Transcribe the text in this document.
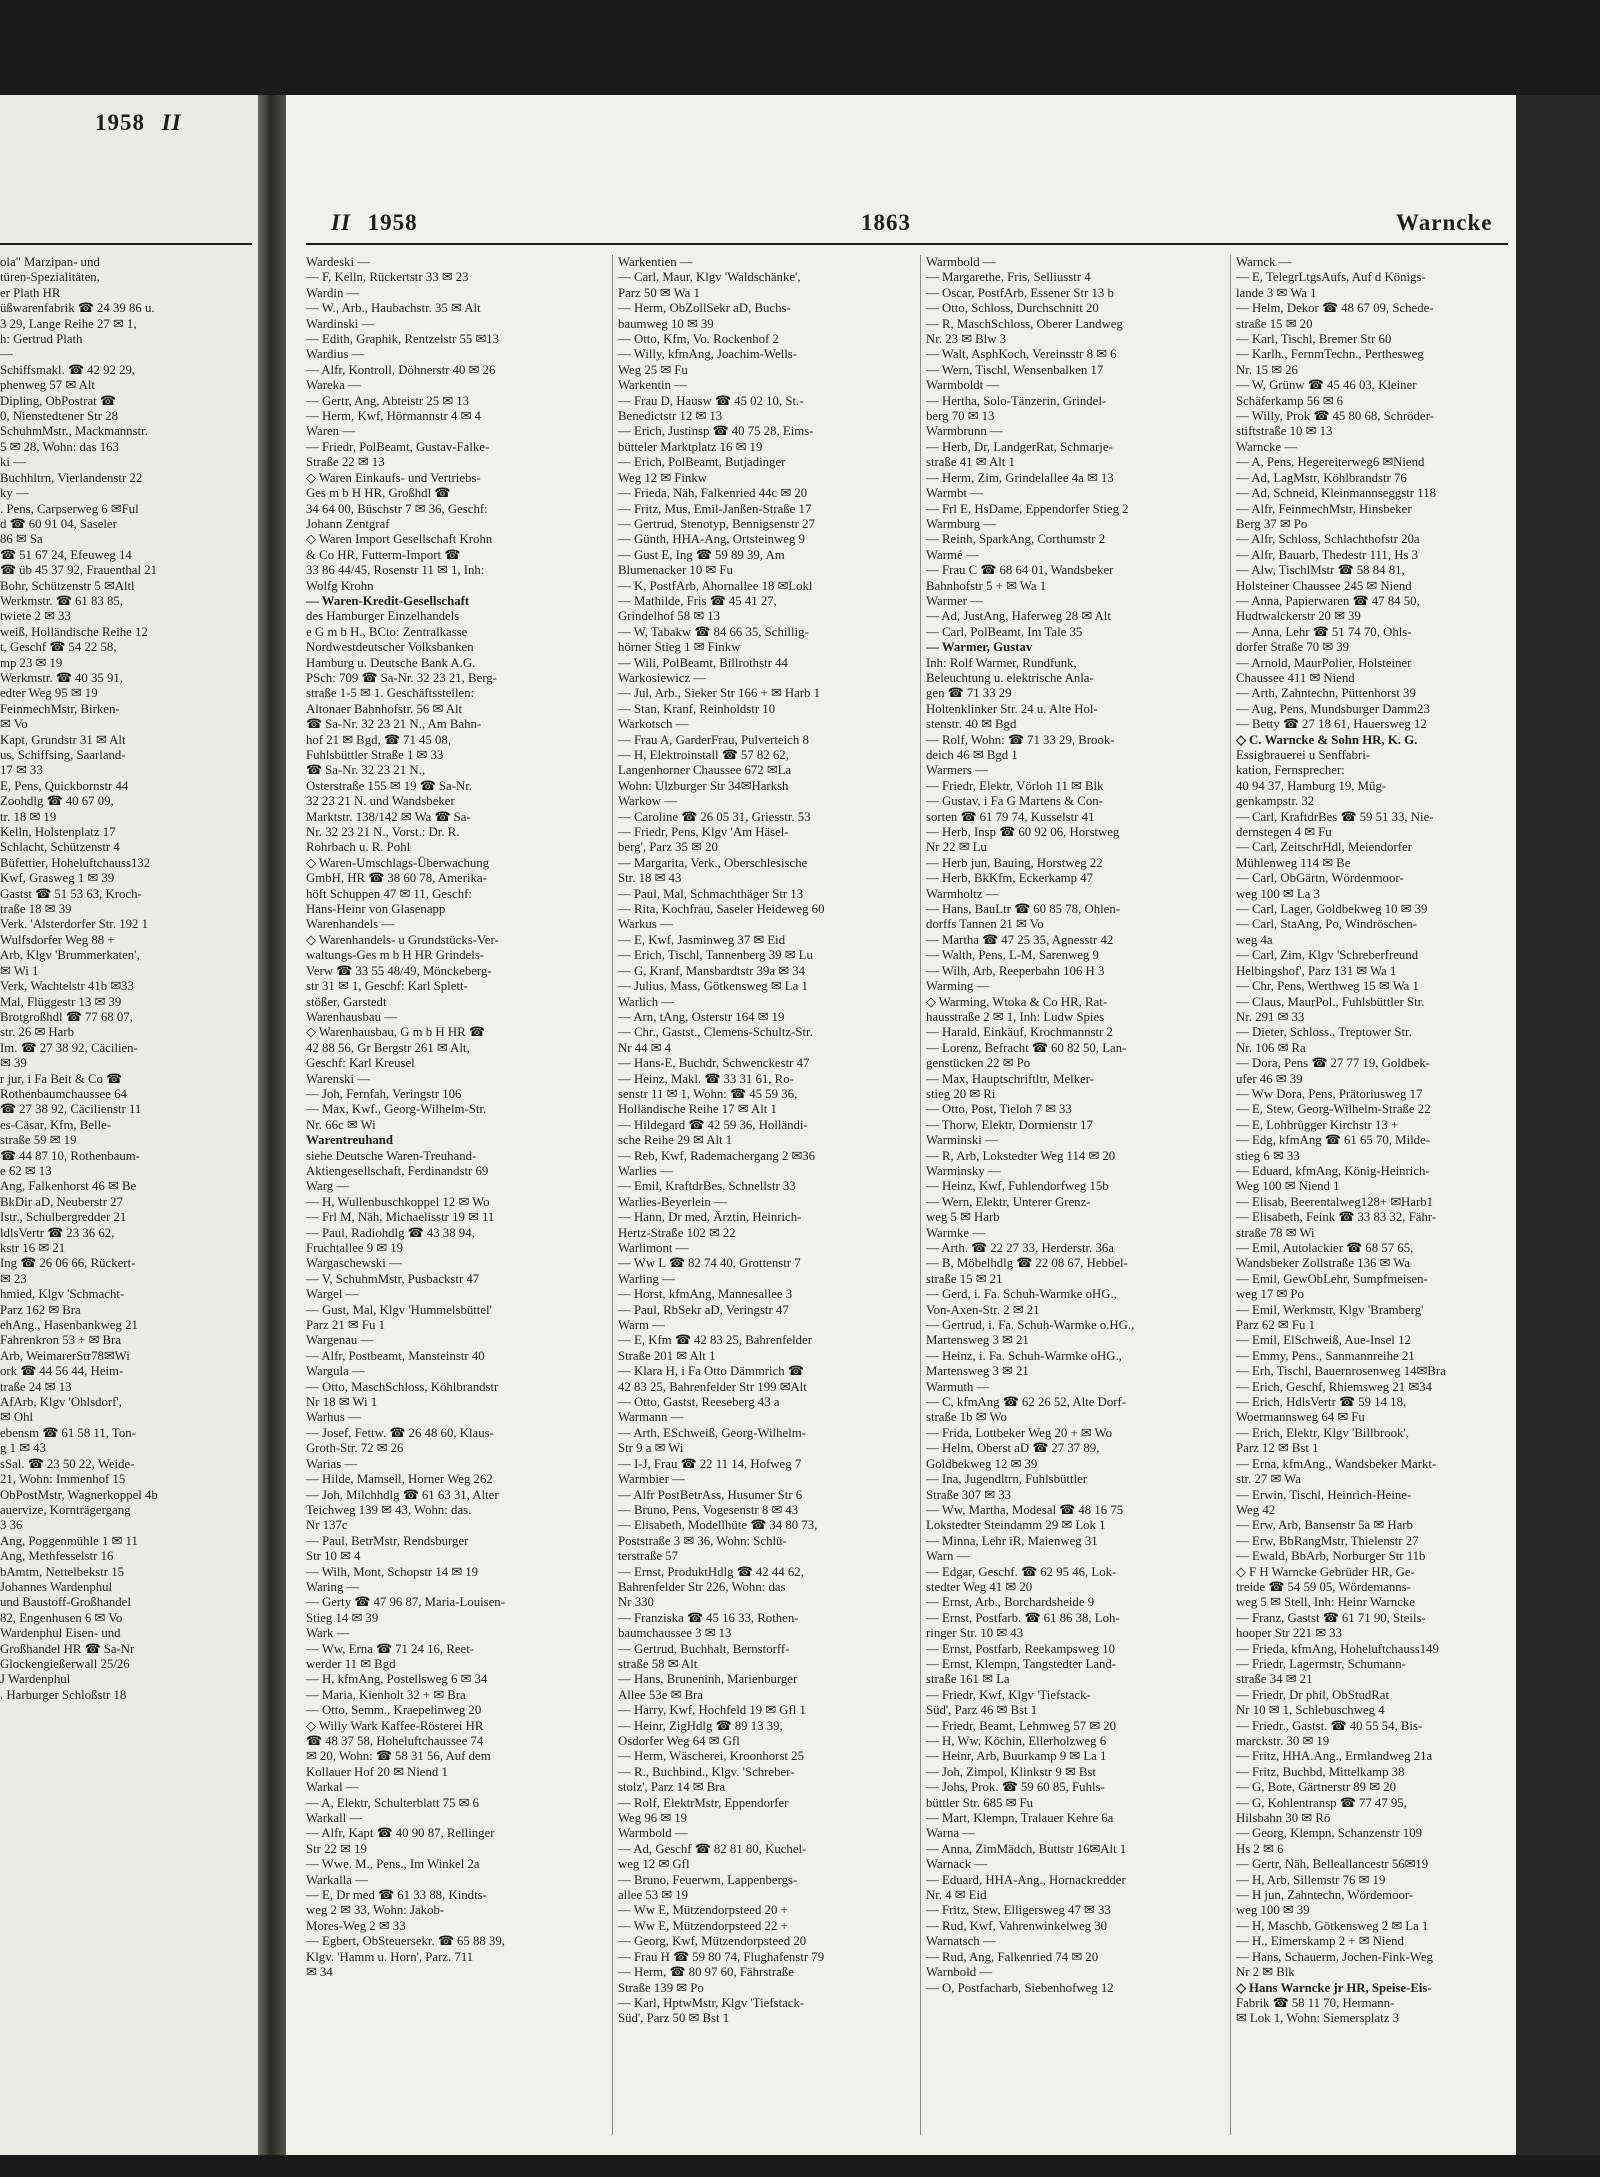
1958 II
ola" Marzipan- und
türen-Spezialitäten,
er Plath HR
üßwarenfabrik ☎ 24 39 86 u.
3 29, Lange Reihe 27 ✉ 1,
h: Gertrud Plath
—
Schiffsmakl. ☎ 42 92 29,
phenweg 57 ✉ Alt
Dipling, ObPostrat ☎
0, Nienstedtener Str 28
SchuhmMstr., Mackmannstr.
5 ✉ 28, Wohn: das 163
ki —
Buchhltrn, Vierlandenstr 22
ky —
. Pens, Carpserweg 6 ✉Ful
d ☎ 60 91 04, Saseler
86 ✉ Sa
☎ 51 67 24, Efeuweg 14
☎ üb 45 37 92, Frauenthal 21
Bohr, Schützenstr 5 ✉Altl
Werkmstr. ☎ 61 83 85,
twiete 2 ✉ 33
weiß, Holländische Reihe 12
t, Geschf ☎ 54 22 58,
mp 23 ✉ 19
Werkmstr. ☎ 40 35 91,
edter Weg 95 ✉ 19
FeinmechMstr, Birken-
✉ Vo
Kapt, Grundstr 31 ✉ Alt
us, Schiffsing, Saarland-
17 ✉ 33
E, Pens, Quickbornstr 44
Zoohdlg ☎ 40 67 09,
tr. 18 ✉ 19
Kelln, Holstenplatz 17
Schlacht, Schützenstr 4
Büfettier, Hoheluftchauss132
Kwf, Grasweg 1 ✉ 39
Gastst ☎ 51 53 63, Kroch-
traße 18 ✉ 39
Verk. 'Alsterdorfer Str. 192 1
Wulfsdorfer Weg 88 +
Arb, Klgv 'Brummerkaten',
✉ Wi 1
Verk, Wachtelstr 41b ✉33
Mal, Flüggestr 13 ✉ 39
Brotgroßhdl ☎ 77 68 07,
str. 26 ✉ Harb
Im. ☎ 27 38 92, Cäcilien-
✉ 39
r jur, i Fa Beit & Co ☎
Rothenbaumchaussee 64
☎ 27 38 92, Cäcilienstr 11
es-Cäsar, Kfm, Belle-
straße 59 ✉ 19
☎ 44 87 10, Rothenbaum-
e 62 ✉ 13
Ang, Falkenhorst 46 ✉ Be
BkDir aD, Neuberstr 27
Istr., Schulbergredder 21
ldlsVertr ☎ 23 36 62,
kstr 16 ✉ 21
Ing ☎ 26 06 66, Rückert-
✉ 23
hmied, Klgv 'Schmacht-
Parz 162 ✉ Bra
ehAng., Hasenbankweg 21
Fahrenkron 53 + ✉ Bra
Arb, WeimarerStr78✉Wi
ork ☎ 44 56 44, Heim-
traße 24 ✉ 13
AfArb, Klgv 'Ohlsdorf',
✉ Ohl
ebensm ☎ 61 58 11, Ton-
g 1 ✉ 43
sSal. ☎ 23 50 22, Weide-
21, Wohn: Immenhof 15
ObPostMstr, Wagnerkoppel 4b
auervize, Kornträgergang
3 36
Ang, Poggenmühle 1 ✉ 11
Ang, Methfesselstr 16
bAmtm, Nettelbekstr 15
Johannes Wardenphul
und Baustoff-Großhandel
82, Engenhusen 6 ✉ Vo
Wardenphul Eisen- und
Großhandel HR ☎ Sa-Nr
Glockengießerwall 25/26
J Wardenphul
. Harburger Schloßstr 18
II 1958	1863	Warncke
Wardeski —
— F, Kelln, Rückertstr 33 ✉ 23
Wardin —
— W., Arb., Haubachstr. 35 ✉ Alt
Wardinski —
— Edith, Graphik, Rentzelstr 55 ✉13
Wardius —
— Alfr, Kontroll, Döhnerstr 40 ✉ 26
Wareka —
— Gertr, Ang, Abteistr 25 ✉ 13
— Herm, Kwf, Hörmannstr 4 ✉ 4
Waren —
— Friedr, PolBeamt, Gustav-Falke-
Straße 22 ✉ 13
◇ Waren Einkaufs- und Vertriebs-
Ges m b H HR, Großhdl ☎
34 64 00, Büschstr 7 ✉ 36, Geschf:
Johann Zentgraf
◇ Waren Import Gesellschaft Krohn
& Co HR, Futterm-Import ☎
33 86 44/45, Rosenstr 11 ✉ 1, Inh:
Wolfg Krohn
— Waren-Kredit-Gesellschaft
des Hamburger Einzelhandels
e G m b H., BCto: Zentralkasse
Nordwestdeutscher Volksbanken
Hamburg u. Deutsche Bank A.G.
PSch: 709 ☎ Sa-Nr. 32 23 21, Berg-
straße 1-5 ✉ 1. Geschäftsstellen:
Altonaer Bahnhofstr. 56 ✉ Alt
☎ Sa-Nr. 32 23 21 N., Am Bahn-
hof 21 ✉ Bgd, ☎ 71 45 08,
Fuhlsbüttler Straße 1 ✉ 33
☎ Sa-Nr. 32 23 21 N.,
Osterstraße 155 ✉ 19 ☎ Sa-Nr.
32 23 21 N. und Wandsbeker
Marktstr. 138/142 ✉ Wa ☎ Sa-
Nr. 32 23 21 N., Vorst.: Dr. R.
Rohrbach u. R. Pohl
◇ Waren-Umschlags-Überwachung
GmbH, HR ☎ 38 60 78, Amerika-
höft Schuppen 47 ✉ 11, Geschf:
Hans-Heinr von Glasenapp
Warenhandels —
◇ Warenhandels- u Grundstücks-Ver-
waltungs-Ges m b H HR Grindels-
Verw ☎ 33 55 48/49, Mönckeberg-
str 31 ✉ 1, Geschf: Karl Splett-
stößer, Garstedt
Warenhausbau —
◇ Warenhausbau, G m b H HR ☎
42 88 56, Gr Bergstr 261 ✉ Alt,
Geschf: Karl Kreusel
Warenski —
— Joh, Fernfah, Veringstr 106
— Max, Kwf., Georg-Wilhelm-Str.
Nr. 66c ✉ Wi
Warentreuhand
siehe Deutsche Waren-Treuhand-
Aktiengesellschaft, Ferdinandstr 69
Warg —
— H, Wullenbuschkoppel 12 ✉ Wo
— Frl M, Näh, Michaelisstr 19 ✉ 11
— Paul, Radiohdlg ☎ 43 38 94,
Fruchtallee 9 ✉ 19
Wargaschewski —
— V, SchuhmMstr, Pusbackstr 47
Wargel —
— Gust, Mal, Klgv 'Hummelsbüttel'
Parz 21 ✉ Fu 1
Wargenau —
— Alfr, Postbeamt, Mansteinstr 40
Wargula —
— Otto, MaschSchloss, Köhlbrandstr
Nr 18 ✉ Wi 1
Warhus —
— Josef, Fettw. ☎ 26 48 60, Klaus-
Groth-Str. 72 ✉ 26
Warias —
— Hilde, Mamsell, Horner Weg 262
— Joh, Milchhdlg ☎ 61 63 31, Alter
Teichweg 139 ✉ 43, Wohn: das.
Nr 137c
— Paul, BetrMstr, Rendsburger
Str 10 ✉ 4
— Wilh, Mont, Schopstr 14 ✉ 19
Waring —
— Gerty ☎ 47 96 87, Maria-Louisen-
Stieg 14 ✉ 39
Wark —
— Ww, Erna ☎ 71 24 16, Reet-
werder 11 ✉ Bgd
— H, kfmAng, Postellsweg 6 ✉ 34
— Maria, Kienholt 32 + ✉ Bra
— Otto, Semm., Kraepelinweg 20
◇ Willy Wark Kaffee-Rösterei HR
☎ 48 37 58, Hoheluftchaussee 74
✉ 20, Wohn: ☎ 58 31 56, Auf dem
Kollauer Hof 20 ✉ Niend 1
Warkal —
— A, Elektr, Schulterblatt 75 ✉ 6
Warkall —
— Alfr, Kapt ☎ 40 90 87, Rellinger
Str 22 ✉ 19
— Wwe. M., Pens., Im Winkel 2a
Warkalla —
— E, Dr med ☎ 61 33 88, Kindts-
weg 2 ✉ 33, Wohn: Jakob-
Mores-Weg 2 ✉ 33
— Egbert, ObSteuersekr. ☎ 65 88 39,
Klgv. 'Hamm u. Horn', Parz. 711
✉ 34
Warkentien —
— Carl, Maur, Klgv 'Waldschänke',
Parz 50 ✉ Wa 1
— Herm, ObZollSekr aD, Buchs-
baumweg 10 ✉ 39
— Otto, Kfm, Vo. Rockenhof 2
— Willy, kfmAng, Joachim-Wells-
Weg 25 ✉ Fu
Warkentin —
— Frau D, Hausw ☎ 45 02 10, St.-
Benedictstr 12 ✉ 13
— Erich, Justinsp ☎ 40 75 28, Eims-
bütteler Marktplatz 16 ✉ 19
— Erich, PolBeamt, Butjadinger
Weg 12 ✉ Finkw
— Frieda, Näh, Falkenried 44c ✉ 20
— Fritz, Mus, Emil-Janßen-Straße 17
— Gertrud, Stenotyp, Bennigsenstr 27
— Günth, HHA-Ang, Ortsteinweg 9
— Gust E, Ing ☎ 59 89 39, Am
Blumenacker 10 ✉ Fu
— K, PostfArb, Ahornallee 18 ✉Lokl
— Mathilde, Fris ☎ 45 41 27,
Grindelhof 58 ✉ 13
— W, Tabakw ☎ 84 66 35, Schillig-
hörner Stieg 1 ✉ Finkw
— Wili, PolBeamt, Billrothstr 44
Warkosiewicz —
— Jul, Arb., Sieker Str 166 + ✉ Harb 1
— Stan, Kranf, Reinholdstr 10
Warkotsch —
— Frau A, GarderFrau, Pulverteich 8
— H, Elektroinstall ☎ 57 82 62,
Langenhorner Chaussee 672 ✉La
Wohn: Ulzburger Str 34✉Harksh
Warkow —
— Caroline ☎ 26 05 31, Griesstr. 53
— Friedr, Pens, Klgv 'Am Häsel-
berg', Parz 35 ✉ 20
— Margarita, Verk., Oberschlesische
Str. 18 ✉ 43
— Paul, Mal, Schmachthäger Str 13
— Rita, Kochfrau, Saseler Heideweg 60
Warkus —
— E, Kwf, Jasminweg 37 ✉ Eid
— Erich, Tischl, Tannenberg 39 ✉ Lu
— G, Kranf, Mansbardtstr 39a ✉ 34
— Julius, Mass, Götkensweg ✉ La 1
Warlich —
— Arn, tAng, Osterstr 164 ✉ 19
— Chr., Gastst., Clemens-Schultz-Str.
Nr 44 ✉ 4
— Hans-E, Buchdr, Schwenckestr 47
— Heinz, Makl. ☎ 33 31 61, Ro-
senstr 11 ✉ 1, Wohn: ☎ 45 59 36,
Holländische Reihe 17 ✉ Alt 1
— Hildegard ☎ 42 59 36, Holländi-
sche Reihe 29 ✉ Alt 1
— Reb, Kwf, Rademachergang 2 ✉36
Warlies —
— Emil, KraftdrBes, Schnellstr 33
Warlies-Beyerlein —
— Hann, Dr med, Ärztin, Heinrich-
Hertz-Straße 102 ✉ 22
Warlimont —
— Ww L ☎ 82 74 40, Grottenstr 7
Warling —
— Horst, kfmAng, Mannesallee 3
— Paul, RbSekr aD, Veringstr 47
Warm —
— E, Kfm ☎ 42 83 25, Bahrenfelder
Straße 201 ✉ Alt 1
— Klara H, i Fa Otto Dämmrich ☎
42 83 25, Bahrenfelder Str 199 ✉Alt
— Otto, Gastst, Reeseberg 43 a
Warmann —
— Arth, ESchweiß, Georg-Wilhelm-
Str 9 a ✉ Wi
— I-J, Frau ☎ 22 11 14, Hofweg 7
Warmbier —
— Alfr PostBetrAss, Husumer Str 6
— Bruno, Pens, Vogesenstr 8 ✉ 43
— Elisabeth, Modellhüte ☎ 34 80 73,
Poststraße 3 ✉ 36, Wohn: Schlü-
terstraße 57
— Ernst, ProduktHdlg ☎ 42 44 62,
Bahrenfelder Str 226, Wohn: das
Nr 330
— Franziska ☎ 45 16 33, Rothen-
baumchaussee 3 ✉ 13
— Gertrud, Buchhalt, Bernstorff-
straße 58 ✉ Alt
— Hans, Bruneninh, Marienburger
Allee 53e ✉ Bra
— Harry, Kwf, Hochfeld 19 ✉ Gfl 1
— Heinr, ZigHdlg ☎ 89 13 39,
Osdorfer Weg 64 ✉ Gfl
— Herm, Wäscherei, Kroonhorst 25
— R., Buchbind., Klgv. 'Schreber-
stolz', Parz 14 ✉ Bra
— Rolf, ElektrMstr, Eppendorfer
Weg 96 ✉ 19
Warmbold —
— Ad, Geschf ☎ 82 81 80, Kuchel-
weg 12 ✉ Gfl
— Bruno, Feuerwm, Lappenbergs-
allee 53 ✉ 19
— Ww E, Mützendorpsteed 20 +
— Ww E, Mützendorpsteed 22 +
— Georg, Kwf, Mützendorpsteed 20
— Frau H ☎ 59 80 74, Flughafenstr 79
— Herm, ☎ 80 97 60, Fährstraße
Straße 139 ✉ Po
— Karl, HptwMstr, Klgv 'Tiefstack-
Süd', Parz 50 ✉ Bst 1
Warmbold —
— Margarethe, Fris, Selliusstr 4
— Oscar, PostfArb, Essener Str 13 b
— Otto, Schloss, Durchschnitt 20
— R, MaschSchloss, Oberer Landweg
Nr. 23 ✉ Blw 3
— Walt, AsphKoch, Vereinsstr 8 ✉ 6
— Wern, Tischl, Wensenbalken 17
Warmboldt —
— Hertha, Solo-Tänzerin, Grindel-
berg 70 ✉ 13
Warmbrunn —
— Herb, Dr, LandgerRat, Schmarje-
straße 41 ✉ Alt 1
— Herm, Zim, Grindelallee 4a ✉ 13
Warmbt —
— Frl E, HsDame, Eppendorfer Stieg 2
Warmburg —
— Reinh, SparkAng, Corthumstr 2
Warmé —
— Frau C ☎ 68 64 01, Wandsbeker
Bahnhofstr 5 + ✉ Wa 1
Warmer —
— Ad, JustAng, Haferweg 28 ✉ Alt
— Carl, PolBeamt, Im Tale 35
— Warmer, Gustav
Inh: Rolf Warmer, Rundfunk,
Beleuchtung u. elektrische Anla-
gen ☎ 71 33 29
Holtenklinker Str. 24 u. Alte Hol-
stenstr. 40 ✉ Bgd
— Rolf, Wohn: ☎ 71 33 29, Brook-
deich 46 ✉ Bgd 1
Warmers —
— Friedr, Elektr, Vörloh 11 ✉ Blk
— Gustav, i Fa G Martens & Con-
sorten ☎ 61 79 74, Kusselstr 41
— Herb, Insp ☎ 60 92 06, Horstweg
Nr 22 ✉ Lu
— Herb jun, Bauing, Horstweg 22
— Herb, BkKfm, Eckerkamp 47
Warmholtz —
— Hans, BauLtr ☎ 60 85 78, Ohlen-
dorffs Tannen 21 ✉ Vo
— Martha ☎ 47 25 35, Agnesstr 42
— Walth, Pens, L-M, Sarenweg 9
— Wilh, Arb, Reeperbahn 106 H 3
Warming —
◇ Warming, Wtoka & Co HR, Rat-
hausstraße 2 ✉ 1, Inh: Ludw Spies
— Harald, Einkäuf, Krochmannstr 2
— Lorenz, Befracht ☎ 60 82 50, Lan-
genstücken 22 ✉ Po
— Max, Hauptschriftltr, Melker-
stieg 20 ✉ Ri
— Otto, Post, Tieloh 7 ✉ 33
— Thorw, Elektr, Dormienstr 17
Warminski —
— R, Arb, Lokstedter Weg 114 ✉ 20
Warminsky —
— Heinz, Kwf, Fuhlendorfweg 15b
— Wern, Elektr, Unterer Grenz-
weg 5 ✉ Harb
Warmke —
— Arth. ☎ 22 27 33, Herderstr. 36a
— B, Möbelhdlg ☎ 22 08 67, Hebbel-
straße 15 ✉ 21
— Gerd, i. Fa. Schuh-Warmke oHG.,
Von-Axen-Str. 2 ✉ 21
— Gertrud, i. Fa. Schuh-Warmke o.HG.,
Martensweg 3 ✉ 21
— Heinz, i. Fa. Schuh-Warmke oHG.,
Martensweg 3 ✉ 21
Warmuth —
— C, kfmAng ☎ 62 26 52, Alte Dorf-
straße 1b ✉ Wo
— Frida, Lottbeker Weg 20 + ✉ Wo
— Helm, Oberst aD ☎ 27 37 89,
Goldbekweg 12 ✉ 39
— Ina, Jugendltrn, Fuhlsbüttler
Straße 307 ✉ 33
— Ww, Martha, Modesal ☎ 48 16 75
Lokstedter Steindamm 29 ✉ Lok 1
— Minna, Lehr iR, Maienweg 31
Warn —
— Edgar, Geschf. ☎ 62 95 46, Lok-
stedter Weg 41 ✉ 20
— Ernst, Arb., Borchardsheide 9
— Ernst, Postfarb. ☎ 61 86 38, Loh-
ringer Str. 10 ✉ 43
— Ernst, Postfarb, Reekampsweg 10
— Ernst, Klempn, Tangstedter Land-
straße 161 ✉ La
— Friedr, Kwf, Klgv 'Tiefstack-
Süd', Parz 46 ✉ Bst 1
— Friedr, Beamt, Lehmweg 57 ✉ 20
— H, Ww, Köchin, Ellerholzweg 6
— Heinr, Arb, Buurkamp 9 ✉ La 1
— Joh, Zimpol, Klinkstr 9 ✉ Bst
— Johs, Prok. ☎ 59 60 85, Fuhls-
büttler Str. 685 ✉ Fu
— Mart, Klempn, Tralauer Kehre 6a
Warna —
— Anna, ZimMädch, Buttstr 16✉Alt 1
Warnack —
— Eduard, HHA-Ang., Hornackredder
Nr. 4 ✉ Eid
— Fritz, Stew, Elligersweg 47 ✉ 33
— Rud, Kwf, Vahrenwinkelweg 30
Warnatsch —
— Rud, Ang, Falkenried 74 ✉ 20
Warnbold —
— O, Postfacharb, Siebenhofweg 12
Warnck —
— E, TelegrLtgsAufs, Auf d Königs-
lande 3 ✉ Wa 1
— Helm, Dekor ☎ 48 67 09, Schede-
straße 15 ✉ 20
— Karl, Tischl, Bremer Str 60
— Karlh., FernmTechn., Perthesweg
Nr. 15 ✉ 26
— W, Grünw ☎ 45 46 03, Kleiner
Schäferkamp 56 ✉ 6
— Willy, Prok ☎ 45 80 68, Schröder-
stiftstraße 10 ✉ 13
Warncke —
— A, Pens, Hegereiterweg6 ✉Niend
— Ad, LagMstr, Köhlbrandstr 76
— Ad, Schneid, Kleinmannseggstr 118
— Alfr, FeinmechMstr, Hinsbeker
Berg 37 ✉ Po
— Alfr, Schloss, Schlachthofstr 20a
— Alfr, Bauarb, Thedestr 111, Hs 3
— Alw, TischlMstr ☎ 58 84 81,
Holsteiner Chaussee 245 ✉ Niend
— Anna, Papierwaren ☎ 47 84 50,
Hudtwalckerstr 20 ✉ 39
— Anna, Lehr ☎ 51 74 70, Ohls-
dorfer Straße 70 ✉ 39
— Arnold, MaurPolier, Holsteiner
Chaussee 411 ✉ Niend
— Arth, Zahntechn, Püttenhorst 39
— Aug, Pens, Mundsburger Damm23
— Betty ☎ 27 18 61, Hauersweg 12
◇ C. Warncke & Sohn HR, K. G.
Essigbrauerei u Senffabri-
kation, Fernsprecher:
40 94 37, Hamburg 19, Müg-
genkampstr. 32
— Carl, KraftdrBes ☎ 59 51 33, Nie-
dernstegen 4 ✉ Fu
— Carl, ZeitschrHdl, Meiendorfer
Mühlenweg 114 ✉ Be
— Carl, ObGärtn, Wördenmoor-
weg 100 ✉ La 3
— Carl, Lager, Goldbekweg 10 ✉ 39
— Carl, StaAng, Po, Windröschen-
weg 4a
— Carl, Zim, Klgv 'Schreberfreund
Helbingshof', Parz 131 ✉ Wa 1
— Chr, Pens, Werthweg 15 ✉ Wa 1
— Claus, MaurPol., Fuhlsbüttler Str.
Nr. 291 ✉ 33
— Dieter, Schloss., Treptower Str.
Nr. 106 ✉ Ra
— Dora, Pens ☎ 27 77 19, Goldbek-
ufer 46 ✉ 39
— Ww Dora, Pens, Prätoriusweg 17
— E, Stew, Georg-Wilhelm-Straße 22
— E, Lohbrügger Kirchstr 13 +
— Edg, kfmAng ☎ 61 65 70, Milde-
stieg 6 ✉ 33
— Eduard, kfmAng, König-Heinrich-
Weg 100 ✉ Niend 1
— Elisab, Beerentalweg128+ ✉Harb1
— Elisabeth, Feink ☎ 33 83 32, Fähr-
straße 78 ✉ Wi
— Emil, Autolackier ☎ 68 57 65,
Wandsbeker Zollstraße 136 ✉ Wa
— Emil, GewObLehr, Sumpfmeisen-
weg 17 ✉ Po
— Emil, Werkmstr, Klgv 'Bramberg'
Parz 62 ✉ Fu 1
— Emil, ElSchweiß, Aue-Insel 12
— Emmy, Pens., Sanmannreihe 21
— Erh, Tischl, Bauernrosenweg 14✉Bra
— Erich, Geschf, Rhiemsweg 21 ✉34
— Erich, HdlsVertr ☎ 59 14 18,
Woermannsweg 64 ✉ Fu
— Erich, Elektr, Klgv 'Billbrook',
Parz 12 ✉ Bst 1
— Erna, kfmAng., Wandsbeker Markt-
str. 27 ✉ Wa
— Erwin, Tischl, Heinrich-Heine-
Weg 42
— Erw, Arb, Bansenstr 5a ✉ Harb
— Erw, BbRangMstr, Thielenstr 27
— Ewald, BbArb, Norburger Str 11b
◇ F H Warncke Gebrüder HR, Ge-
treide ☎ 54 59 05, Wördemanns-
weg 5 ✉ Stell, Inh: Heinr Warncke
— Franz, Gastst ☎ 61 71 90, Steils-
hooper Str 221 ✉ 33
— Frieda, kfmAng, Hoheluftchauss149
— Friedr, Lagermstr, Schumann-
straße 34 ✉ 21
— Friedr, Dr phil, ObStudRat
Nr 10 ✉ 1, Schlebuschweg 4
— Friedr., Gastst. ☎ 40 55 54, Bis-
marckstr. 30 ✉ 19
— Fritz, HHA.Ang., Ermlandweg 21a
— Fritz, Buchbd, Mittelkamp 38
— G, Bote, Gärtnerstr 89 ✉ 20
— G, Kohlentransp ☎ 77 47 95,
Hilsbahn 30 ✉ Rö
— Georg, Klempn, Schanzenstr 109
Hs 2 ✉ 6
— Gertr, Näh, Belleallancestr 56✉19
— H, Arb, Sillemstr 76 ✉ 19
— H jun, Zahntechn, Wördemoor-
weg 100 ✉ 39
— H, Maschb, Götkensweg 2 ✉ La 1
— H., Eimerskamp 2 + ✉ Niend
— Hans, Schauerm, Jochen-Fink-Weg
Nr 2 ✉ Blk
◇ Hans Warncke jr HR, Speise-Eis-
Fabrik ☎ 58 11 70, Hermann-
✉ Lok 1, Wohn: Siemersplatz 3
